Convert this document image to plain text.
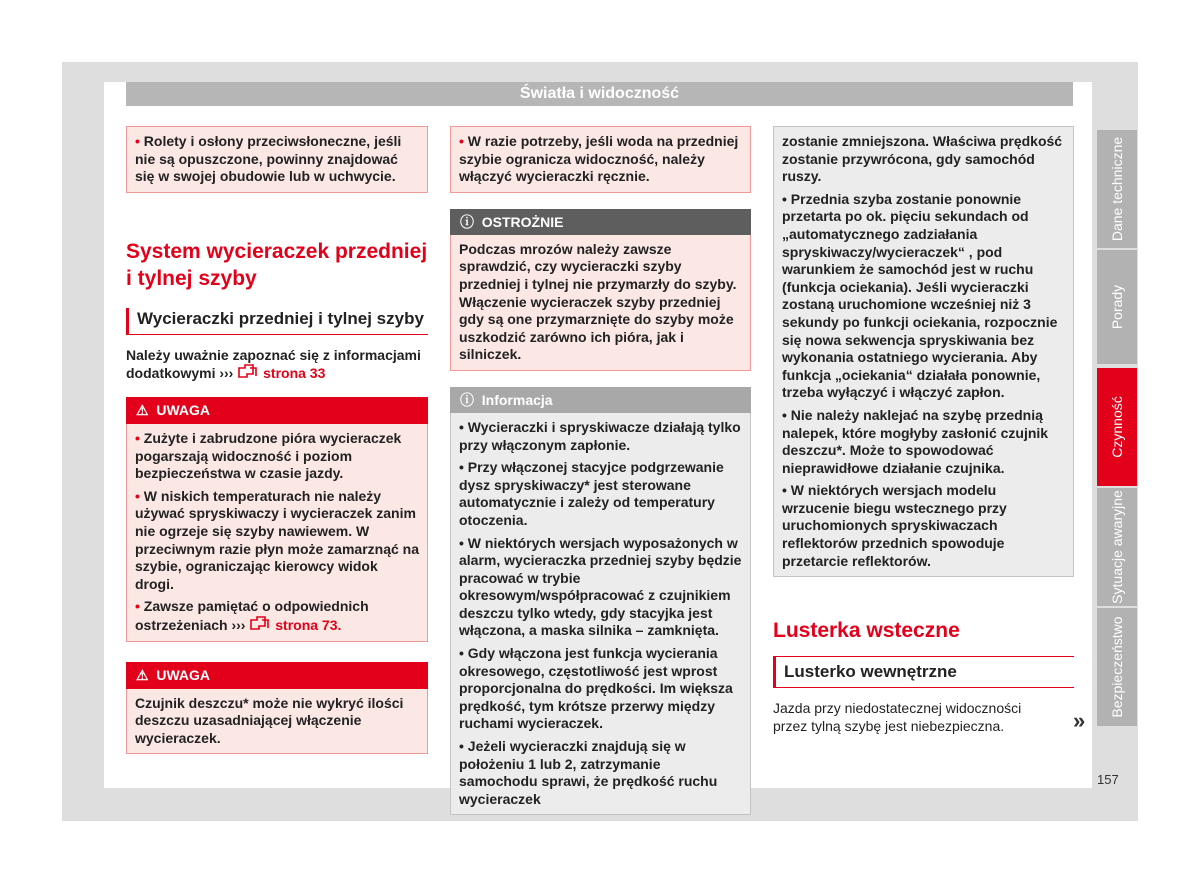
Światła i widoczność

• Rolety i osłony przeciwsłoneczne, jeśli nie są opuszczone, powinny znajdować się w swojej obudowie lub w uchwycie.

System wycieraczek przedniej i tylnej szyby
Wycieraczki przedniej i tylnej szyby

Należy uważnie zapoznać się z informacjami dodatkowymi ››› strona 33

⚠ UWAGA

• Zużyte i zabrudzone pióra wycieraczek pogarszają widoczność i poziom bezpieczeństwa w czasie jazdy.

• W niskich temperaturach nie należy używać spryskiwaczy i wycieraczek zanim nie ogrzeje się szyby nawiewem. W przeciwnym razie płyn może zamarznąć na szybie, ograniczając kierowcy widok drogi.

• Zawsze pamiętać o odpowiednich ostrzeżeniach ››› strona 73.

⚠ UWAGA

Czujnik deszczu* może nie wykryć ilości deszczu uzasadniającej włączenie wycieraczek.

• W razie potrzeby, jeśli woda na przedniej szybie ogranicza widoczność, należy włączyć wycieraczki ręcznie.

ⓘ OSTROŻNIE

Podczas mrozów należy zawsze sprawdzić, czy wycieraczki szyby przedniej i tylnej nie przymarzły do szyby. Włączenie wycieraczek szyby przedniej gdy są one przymarznięte do szyby może uszkodzić zarówno ich pióra, jak i silniczek.

ⓘ Informacja

• Wycieraczki i spryskiwacze działają tylko przy włączonym zapłonie.

• Przy włączonej stacyjce podgrzewanie dysz spryskiwaczy* jest sterowane automatycznie i zależy od temperatury otoczenia.

• W niektórych wersjach wyposażonych w alarm, wycieraczka przedniej szyby będzie pracować w trybie okresowym/współpracować z czujnikiem deszczu tylko wtedy, gdy stacyjka jest włączona, a maska silnika – zamknięta.

• Gdy włączona jest funkcja wycierania okresowego, częstotliwość jest wprost proporcjonalna do prędkości. Im większa prędkość, tym krótsze przerwy między ruchami wycieraczek.

• Jeżeli wycieraczki znajdują się w położeniu 1 lub 2, zatrzymanie samochodu sprawi, że prędkość ruchu wycieraczek

zostanie zmniejszona. Właściwa prędkość zostanie przywrócona, gdy samochód ruszy.

• Przednia szyba zostanie ponownie przetarta po ok. pięciu sekundach od „automatycznego zadziałania spryskiwaczy/wycieraczek“ , pod warunkiem że samochód jest w ruchu (funkcja ociekania). Jeśli wycieraczki zostaną uruchomione wcześniej niż 3 sekundy po funkcji ociekania, rozpocznie się nowa sekwencja spryskiwania bez wykonania ostatniego wycierania. Aby funkcja „ociekania“ działała ponownie, trzeba wyłączyć i włączyć zapłon.

• Nie należy naklejać na szybę przednią nalepek, które mogłyby zasłonić czujnik deszczu*. Może to spowodować nieprawidłowe działanie czujnika.

• W niektórych wersjach modelu wrzucenie biegu wstecznego przy uruchomionych spryskiwaczach reflektorów przednich spowoduje przetarcie reflektorów.

Lusterka wsteczne
Lusterko wewnętrzne

Jazda przy niedostatecznej widoczności przez tylną szybę jest niebezpieczna.	»
Dane techniczne
Porady
Czynność
Sytuacje awaryjne
Bezpieczeństwo
157
